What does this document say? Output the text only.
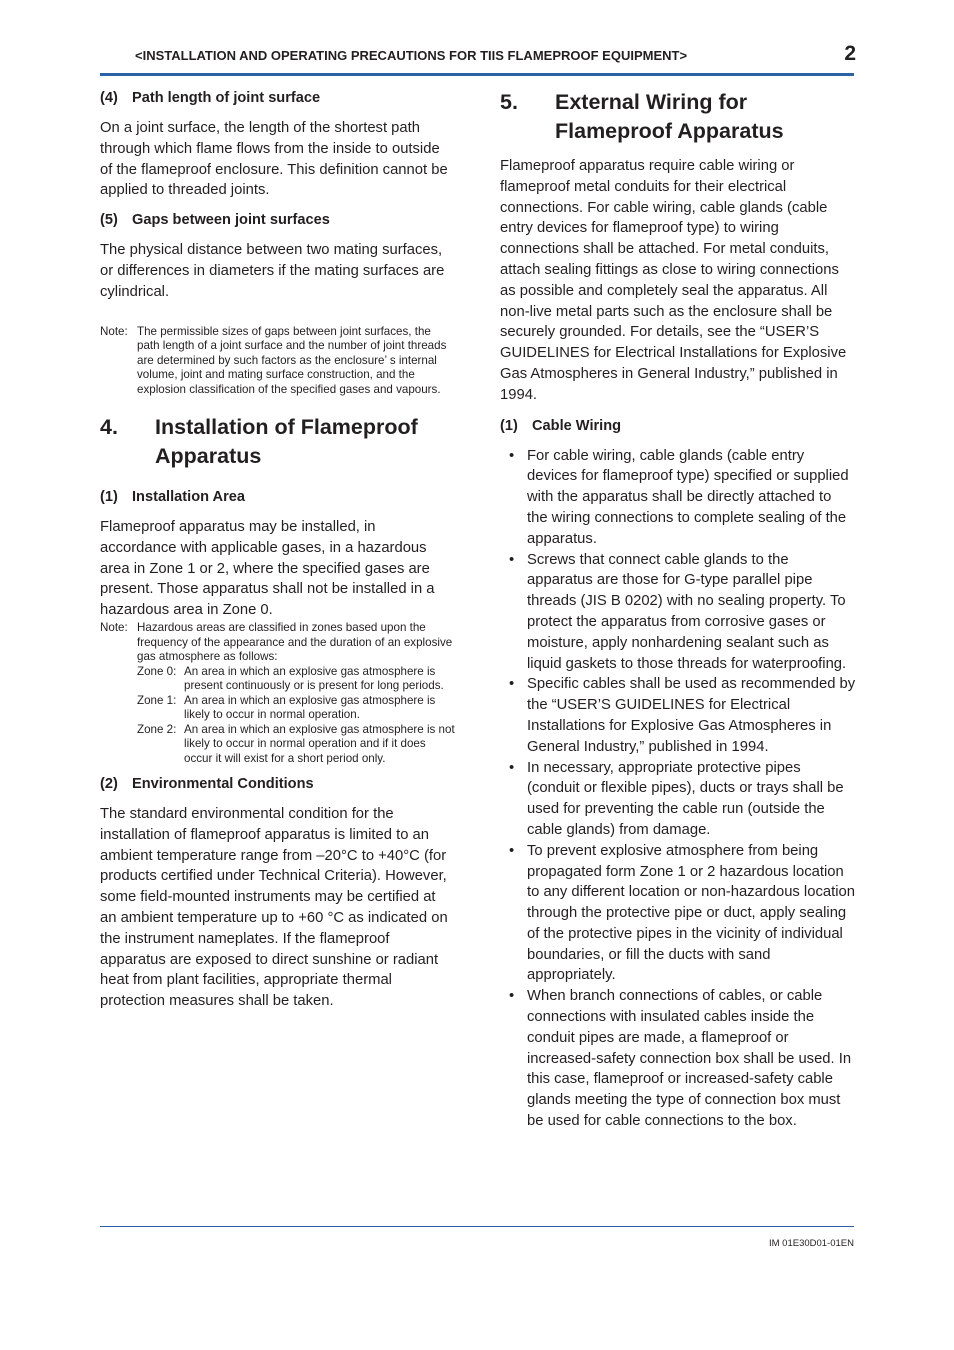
<INSTALLATION AND OPERATING PRECAUTIONS FOR TIIS FLAMEPROOF EQUIPMENT>	2

(4) Path length of joint surface

On a joint surface, the length of the shortest path through which flame flows from the inside to outside of the flameproof enclosure. This definition cannot be applied to threaded joints.

(5) Gaps between joint surfaces

The physical distance between two mating surfaces, or differences in diameters if the mating surfaces are cylindrical.

Note: The permissible sizes of gaps between joint surfaces, the path length of a joint surface and the number of joint threads are determined by such factors as the enclosure’ s internal volume, joint and mating surface construction, and the explosion classification of the specified gases and vapours.
4.	Installation of Flameproof Apparatus

(1) Installation Area

Flameproof apparatus may be installed, in accordance with applicable gases, in a hazardous area in Zone 1 or 2, where the specified gases are present. Those apparatus shall not be installed in a hazardous area in Zone 0.

Note: Hazardous areas are classified in zones based upon the frequency of the appearance and the duration of an explosive gas atmosphere as follows:
Zone 0: An area in which an explosive gas atmosphere is present continuously or is present for long periods.
Zone 1: An area in which an explosive gas atmosphere is likely to occur in normal operation.
Zone 2: An area in which an explosive gas atmosphere is not likely to occur in normal operation and if it does occur it will exist for a short period only.

(2) Environmental Conditions

The standard environmental condition for the installation of flameproof apparatus is limited to an ambient temperature range from –20°C to +40°C (for products certified under Technical Criteria). However, some field-mounted instruments may be certified at an ambient temperature up to +60 °C as indicated on the instrument nameplates. If the flameproof apparatus are exposed to direct sunshine or radiant heat from plant facilities, appropriate thermal protection measures shall be taken.

5.	External Wiring for Flameproof Apparatus

Flameproof apparatus require cable wiring or flameproof metal conduits for their electrical connections. For cable wiring, cable glands (cable entry devices for flameproof type) to wiring connections shall be attached. For metal conduits, attach sealing fittings as close to wiring connections as possible and completely seal the apparatus. All non-live metal parts such as the enclosure shall be securely grounded. For details, see the “USER’S GUIDELINES for Electrical Installations for Explosive Gas Atmospheres in General Industry,” published in 1994.

(1) Cable Wiring

• For cable wiring, cable glands (cable entry devices for flameproof type) specified or supplied with the apparatus shall be directly attached to the wiring connections to complete sealing of the apparatus.
• Screws that connect cable glands to the apparatus are those for G-type parallel pipe threads (JIS B 0202) with no sealing property. To protect the apparatus from corrosive gases or moisture, apply nonhardening sealant such as liquid gaskets to those threads for waterproofing.
• Specific cables shall be used as recommended by the “USER’S GUIDELINES for Electrical Installations for Explosive Gas Atmospheres in General Industry,” published in 1994.
• In necessary, appropriate protective pipes (conduit or flexible pipes), ducts or trays shall be used for preventing the cable run (outside the cable glands) from damage.
• To prevent explosive atmosphere from being propagated form Zone 1 or 2 hazardous location to any different location or non-hazardous location through the protective pipe or duct, apply sealing of the protective pipes in the vicinity of individual boundaries, or fill the ducts with sand appropriately.
• When branch connections of cables, or cable connections with insulated cables inside the conduit pipes are made, a flameproof or increased-safety connection box shall be used. In this case, flameproof or increased-safety cable glands meeting the type of connection box must be used for cable connections to the box.
IM 01E30D01-01EN
